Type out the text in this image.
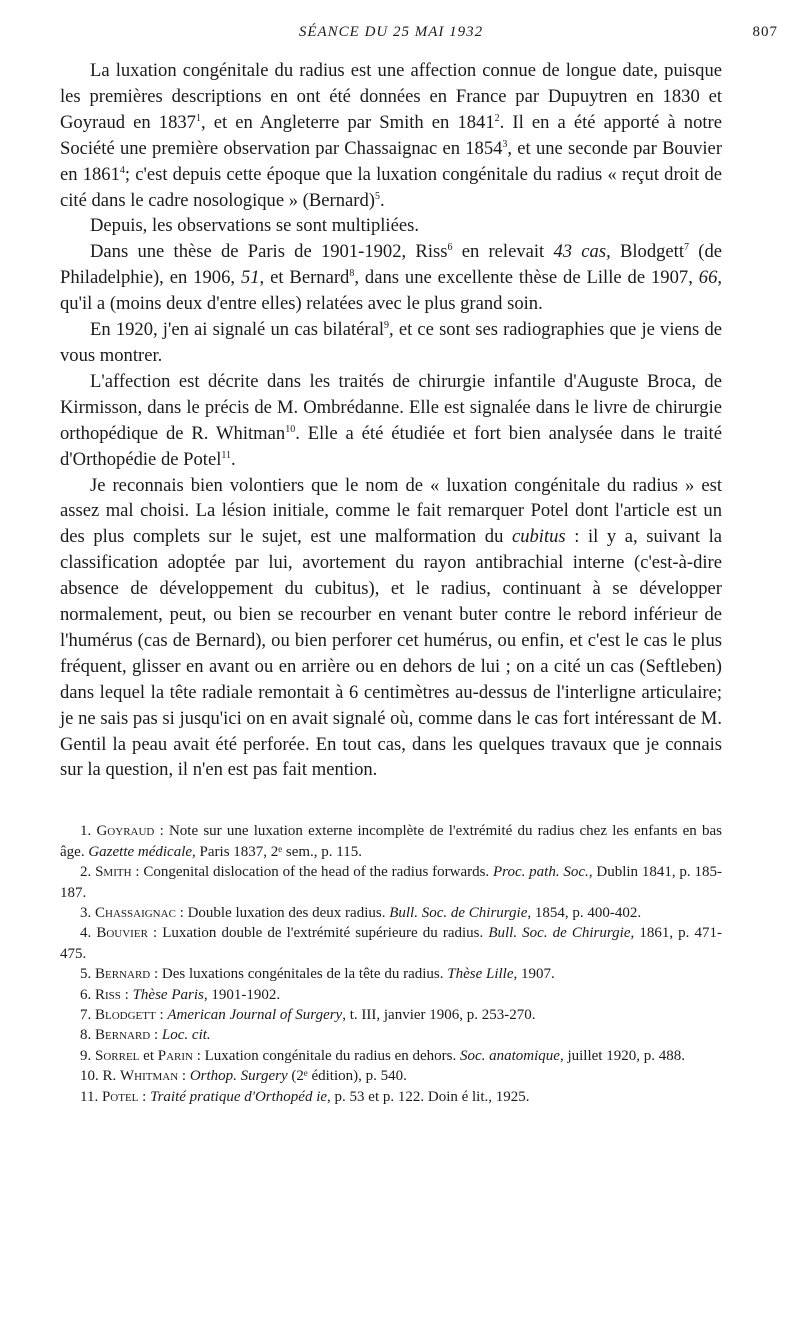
SÉANCE DU 25 MAI 1932	807

La luxation congénitale du radius est une affection connue de longue date, puisque les premières descriptions en ont été données en France par Dupuytren en 1830 et Goyraud en 1837$^1$, et en Angleterre par Smith en 1841$^2$. Il en a été apporté à notre Société une première observation par Chassaignac en 1854$^3$, et une seconde par Bouvier en 1861$^4$; c'est depuis cette époque que la luxation congénitale du radius « reçut droit de cité dans le cadre nosologique » (Bernard)$^5$.

Depuis, les observations se sont multipliées.

Dans une thèse de Paris de 1901-1902, Riss$^6$ en relevait 43 cas, Blodgett$^7$ (de Philadelphie), en 1906, 51, et Bernard$^8$, dans une excellente thèse de Lille de 1907, 66, qu'il a (moins deux d'entre elles) relatées avec le plus grand soin.

En 1920, j'en ai signalé un cas bilatéral$^9$, et ce sont ses radiographies que je viens de vous montrer.

L'affection est décrite dans les traités de chirurgie infantile d'Auguste Broca, de Kirmisson, dans le précis de M. Ombrédanne. Elle est signalée dans le livre de chirurgie orthopédique de R. Whitman$^{10}$. Elle a été étudiée et fort bien analysée dans le traité d'Orthopédie de Potel$^{11}$.

Je reconnais bien volontiers que le nom de « luxation congénitale du radius » est assez mal choisi. La lésion initiale, comme le fait remarquer Potel dont l'article est un des plus complets sur le sujet, est une malformation du cubitus : il y a, suivant la classification adoptée par lui, avortement du rayon antibrachial interne (c'est-à-dire absence de développement du cubitus), et le radius, continuant à se développer normalement, peut, ou bien se recourber en venant buter contre le rebord inférieur de l'humérus (cas de Bernard), ou bien perforer cet humérus, ou enfin, et c'est le cas le plus fréquent, glisser en avant ou en arrière ou en dehors de lui ; on a cité un cas (Seftleben) dans lequel la tête radiale remontait à 6 centimètres au-dessus de l'interligne articulaire; je ne sais pas si jusqu'ici on en avait signalé où, comme dans le cas fort intéressant de M. Gentil la peau avait été perforée. En tout cas, dans les quelques travaux que je connais sur la question, il n'en est pas fait mention.

1. Goyraud : Note sur une luxation externe incomplète de l'extrémité du radius chez les enfants en bas âge. Gazette médicale, Paris 1837, 2ᵉ sem., p. 115.

2. Smith : Congenital dislocation of the head of the radius forwards. Proc. path. Soc., Dublin 1841, p. 185-187.

3. Chassaignac : Double luxation des deux radius. Bull. Soc. de Chirurgie, 1854, p. 400-402.

4. Bouvier : Luxation double de l'extrémité supérieure du radius. Bull. Soc. de Chirurgie, 1861, p. 471-475.

5. Bernard : Des luxations congénitales de la tête du radius. Thèse Lille, 1907.

6. Riss : Thèse Paris, 1901-1902.

7. Blodgett : American Journal of Surgery, t. III, janvier 1906, p. 253-270.

8. Bernard : Loc. cit.

9. Sorrel et Parin : Luxation congénitale du radius en dehors. Soc. anatomique, juillet 1920, p. 488.

10. R. Whitman : Orthop. Surgery (2ᵉ édition), p. 540.

11. Potel : Traité pratique d'Orthopéd ie, p. 53 et p. 122. Doin é lit., 1925.
